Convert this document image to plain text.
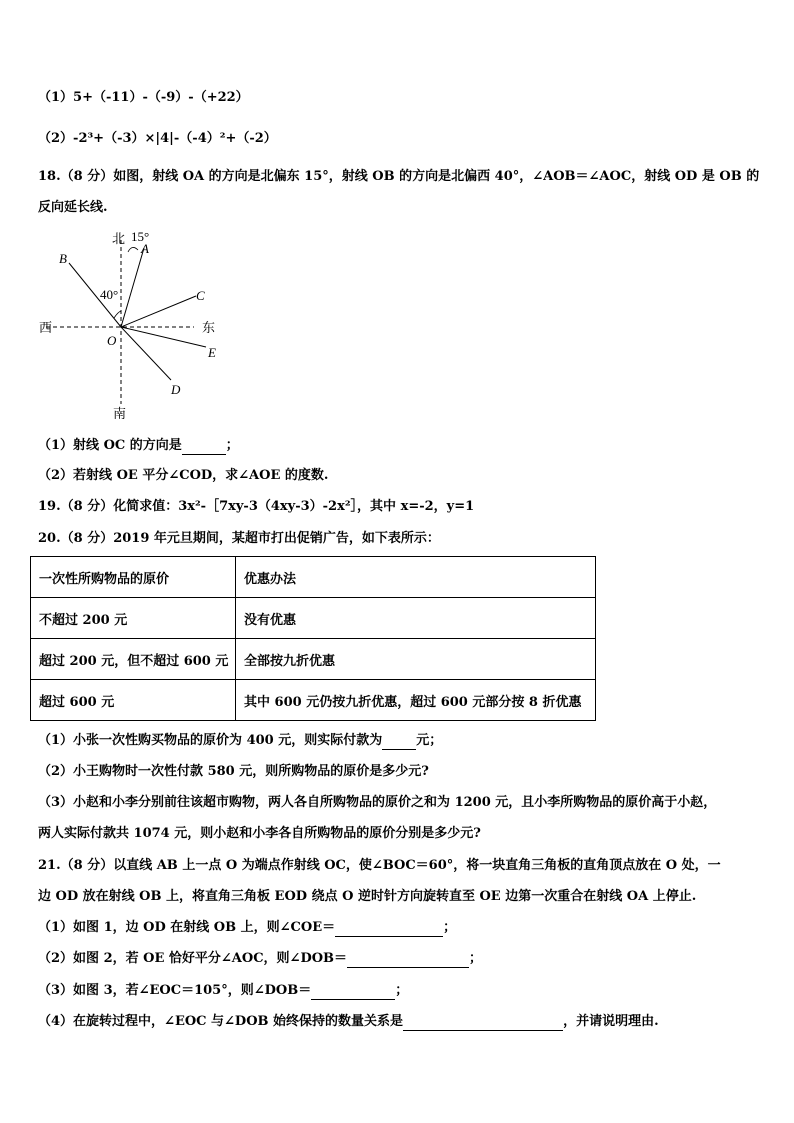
（1）5+（-11）-（-9）-（+22）
（2）-2³+（-3）×|4|-（-4）²+（-2）
18.（8 分）如图，射线 OA 的方向是北偏东 15°，射线 OB 的方向是北偏西 40°，∠AOB＝∠AOC，射线 OD 是 OB 的
反向延长线.
北 15°
A
B
40°	C
西	东
O
E
D
南
（1）射线 OC 的方向是	；
（2）若射线 OE 平分∠COD，求∠AOE 的度数.
19.（8 分）化简求值：3x²-［7xy-3（4xy-3）-2x²］，其中 x=-2，y=1
20.（8 分）2019 年元旦期间，某超市打出促销广告，如下表所示：
一次性所购物品的原价	优惠办法
不超过 200 元	没有优惠
超过 200 元，但不超过 600 元	全部按九折优惠
超过 600 元	其中 600 元仍按九折优惠，超过 600 元部分按 8 折优惠
（1）小张一次性购买物品的原价为 400 元，则实际付款为	元；
（2）小王购物时一次性付款 580 元，则所购物品的原价是多少元?
（3）小赵和小李分别前往该超市购物，两人各自所购物品的原价之和为 1200 元，且小李所购物品的原价高于小赵，
两人实际付款共 1074 元，则小赵和小李各自所购物品的原价分别是多少元?
21.（8 分）以直线 AB 上一点 O 为端点作射线 OC，使∠BOC＝60°，将一块直角三角板的直角顶点放在 O 处，一
边 OD 放在射线 OB 上，将直角三角板 EOD 绕点 O 逆时针方向旋转直至 OE 边第一次重合在射线 OA 上停止.
（1）如图 1，边 OD 在射线 OB 上，则∠COE＝	；
（2）如图 2，若 OE 恰好平分∠AOC，则∠DOB＝	；
（3）如图 3，若∠EOC＝105°，则∠DOB＝	；
（4）在旋转过程中，∠EOC 与∠DOB 始终保持的数量关系是	，并请说明理由.
